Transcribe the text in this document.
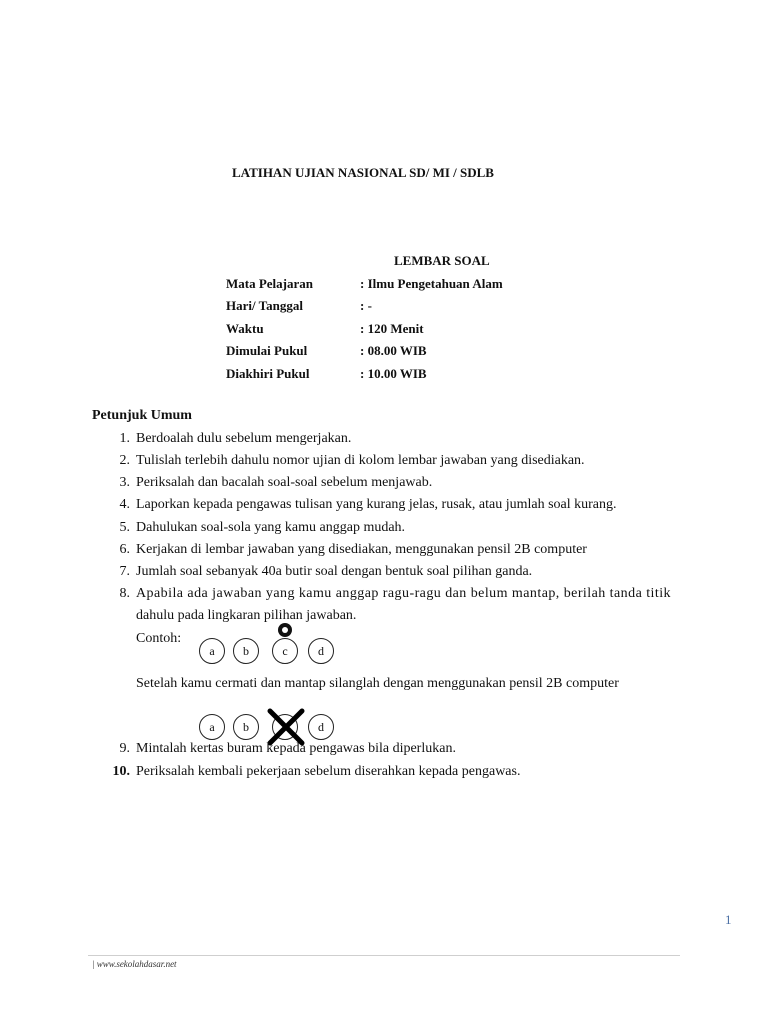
LATIHAN UJIAN NASIONAL SD/ MI / SDLB
LEMBAR SOAL
Mata Pelajaran	: Ilmu Pengetahuan Alam
Hari/ Tanggal	: -
Waktu	: 120 Menit
Dimulai Pukul	: 08.00 WIB
Diakhiri Pukul	: 10.00 WIB
Petunjuk Umum
1. Berdoalah dulu sebelum mengerjakan.
2. Tulislah terlebih dahulu nomor ujian di kolom lembar jawaban yang disediakan.
3. Periksalah dan bacalah soal-soal sebelum menjawab.
4. Laporkan kepada pengawas tulisan yang kurang jelas, rusak, atau jumlah soal kurang.
5. Dahulukan soal-sola yang kamu anggap mudah.
6. Kerjakan di lembar jawaban yang disediakan, menggunakan pensil 2B computer
7. Jumlah soal sebanyak 40a butir soal dengan bentuk soal pilihan ganda.
8. Apabila ada jawaban yang kamu anggap ragu-ragu dan belum mantap, berilah tanda titik
dahulu pada lingkaran pilihan jawaban.
Contoh:
a	b	c	d
Setelah kamu cermati dan mantap silanglah dengan menggunakan pensil 2B computer
a	b	d
9. Mintalah kertas buram kepada pengawas bila diperlukan.
10. Periksalah kembali pekerjaan sebelum diserahkan kepada pengawas.
1
| www.sekolahdasar.net
